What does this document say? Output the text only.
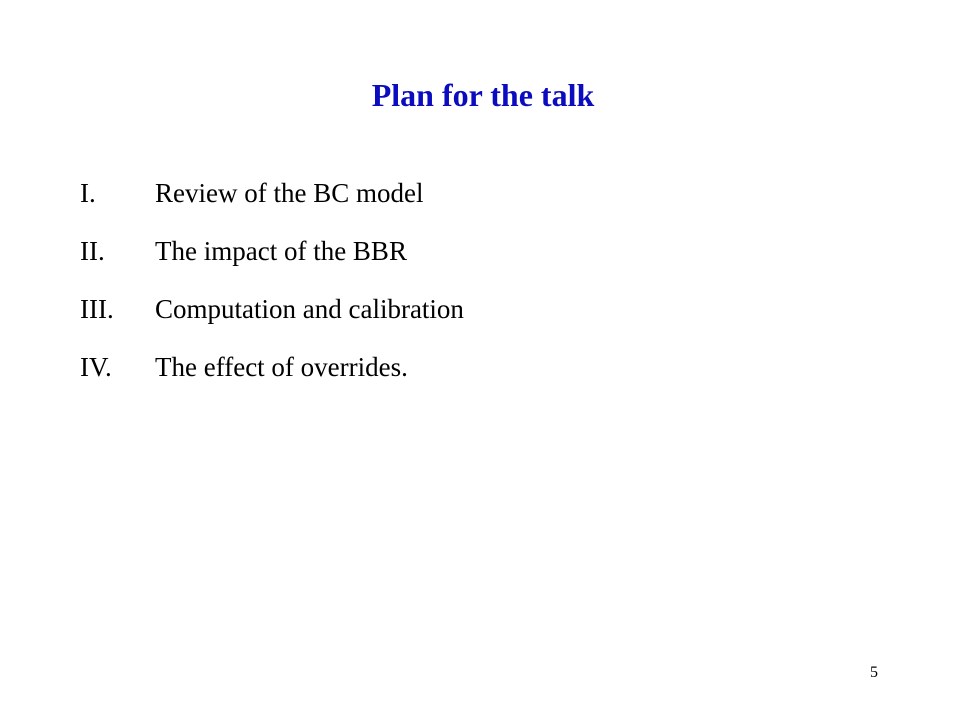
Plan for the talk
I. Review of the BC model
II. The impact of the BBR
III. Computation and calibration
IV. The effect of overrides.
5
